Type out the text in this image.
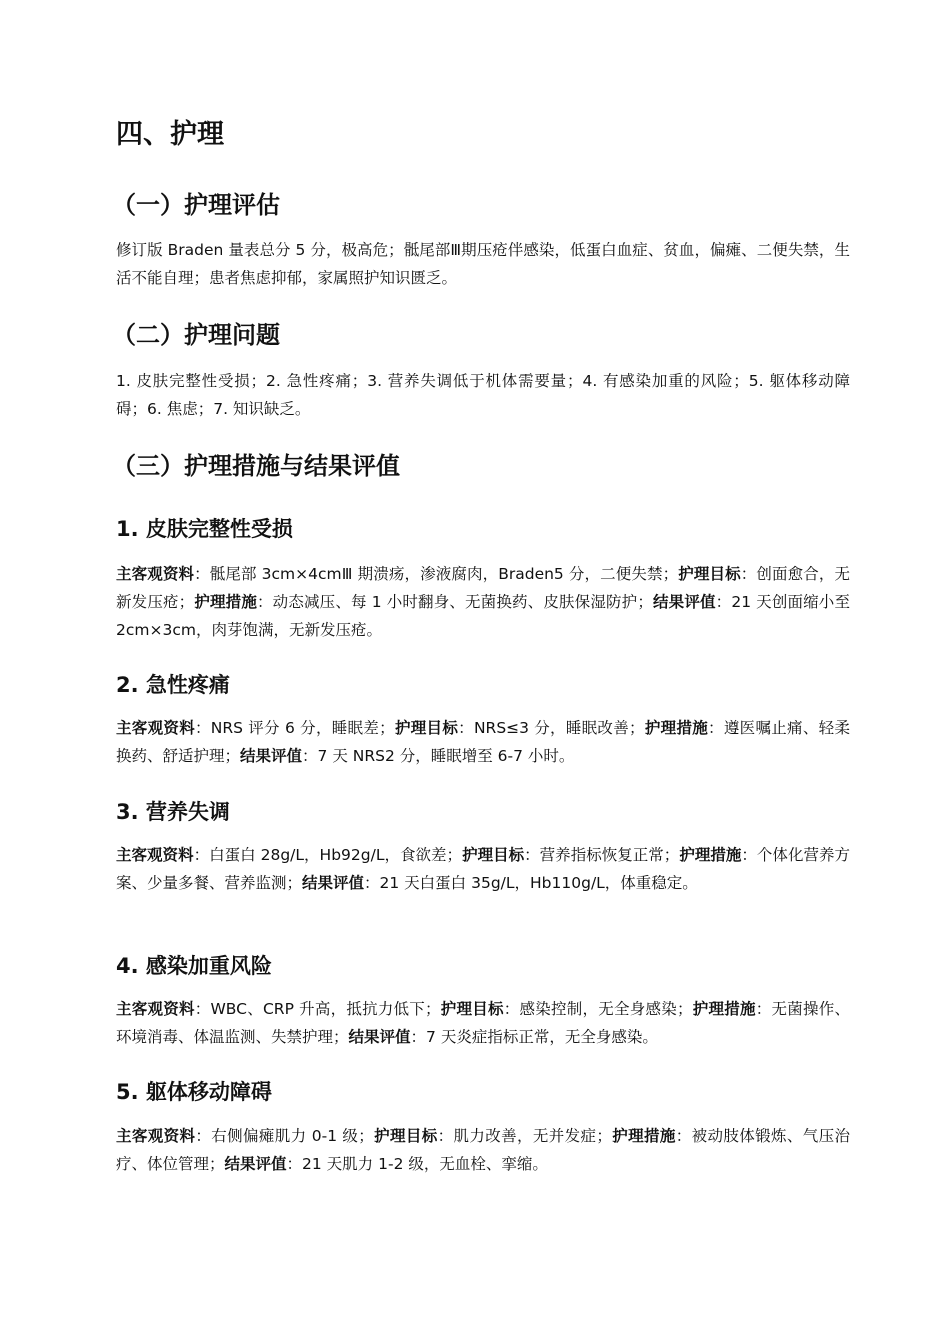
四、护理
（一）护理评估
修订版 Braden 量表总分 5 分，极高危；骶尾部Ⅲ期压疮伴感染，低蛋白血症、贫血，偏瘫、二便失禁，生活不能自理；患者焦虑抑郁，家属照护知识匮乏。
（二）护理问题
1. 皮肤完整性受损；2. 急性疼痛；3. 营养失调低于机体需要量；4. 有感染加重的风险；5. 躯体移动障碍；6. 焦虑；7. 知识缺乏。
（三）护理措施与结果评值
1. 皮肤完整性受损
主客观资料：骶尾部 3cm×4cmⅢ 期溃疡，渗液腐肉，Braden5 分，二便失禁；护理目标：创面愈合，无新发压疮；护理措施：动态减压、每 1 小时翻身、无菌换药、皮肤保湿防护；结果评值：21 天创面缩小至 2cm×3cm，肉芽饱满，无新发压疮。
2. 急性疼痛
主客观资料：NRS 评分 6 分，睡眠差；护理目标：NRS≤3 分，睡眠改善；护理措施：遵医嘱止痛、轻柔换药、舒适护理；结果评值：7 天 NRS2 分，睡眠增至 6-7 小时。
3. 营养失调
主客观资料：白蛋白 28g/L，Hb92g/L，食欲差；护理目标：营养指标恢复正常；护理措施：个体化营养方案、少量多餐、营养监测；结果评值：21 天白蛋白 35g/L，Hb110g/L，体重稳定。
4. 感染加重风险
主客观资料：WBC、CRP 升高，抵抗力低下；护理目标：感染控制，无全身感染；护理措施：无菌操作、环境消毒、体温监测、失禁护理；结果评值：7 天炎症指标正常，无全身感染。
5. 躯体移动障碍
主客观资料：右侧偏瘫肌力 0-1 级；护理目标：肌力改善，无并发症；护理措施：被动肢体锻炼、气压治疗、体位管理；结果评值：21 天肌力 1-2 级，无血栓、挛缩。
